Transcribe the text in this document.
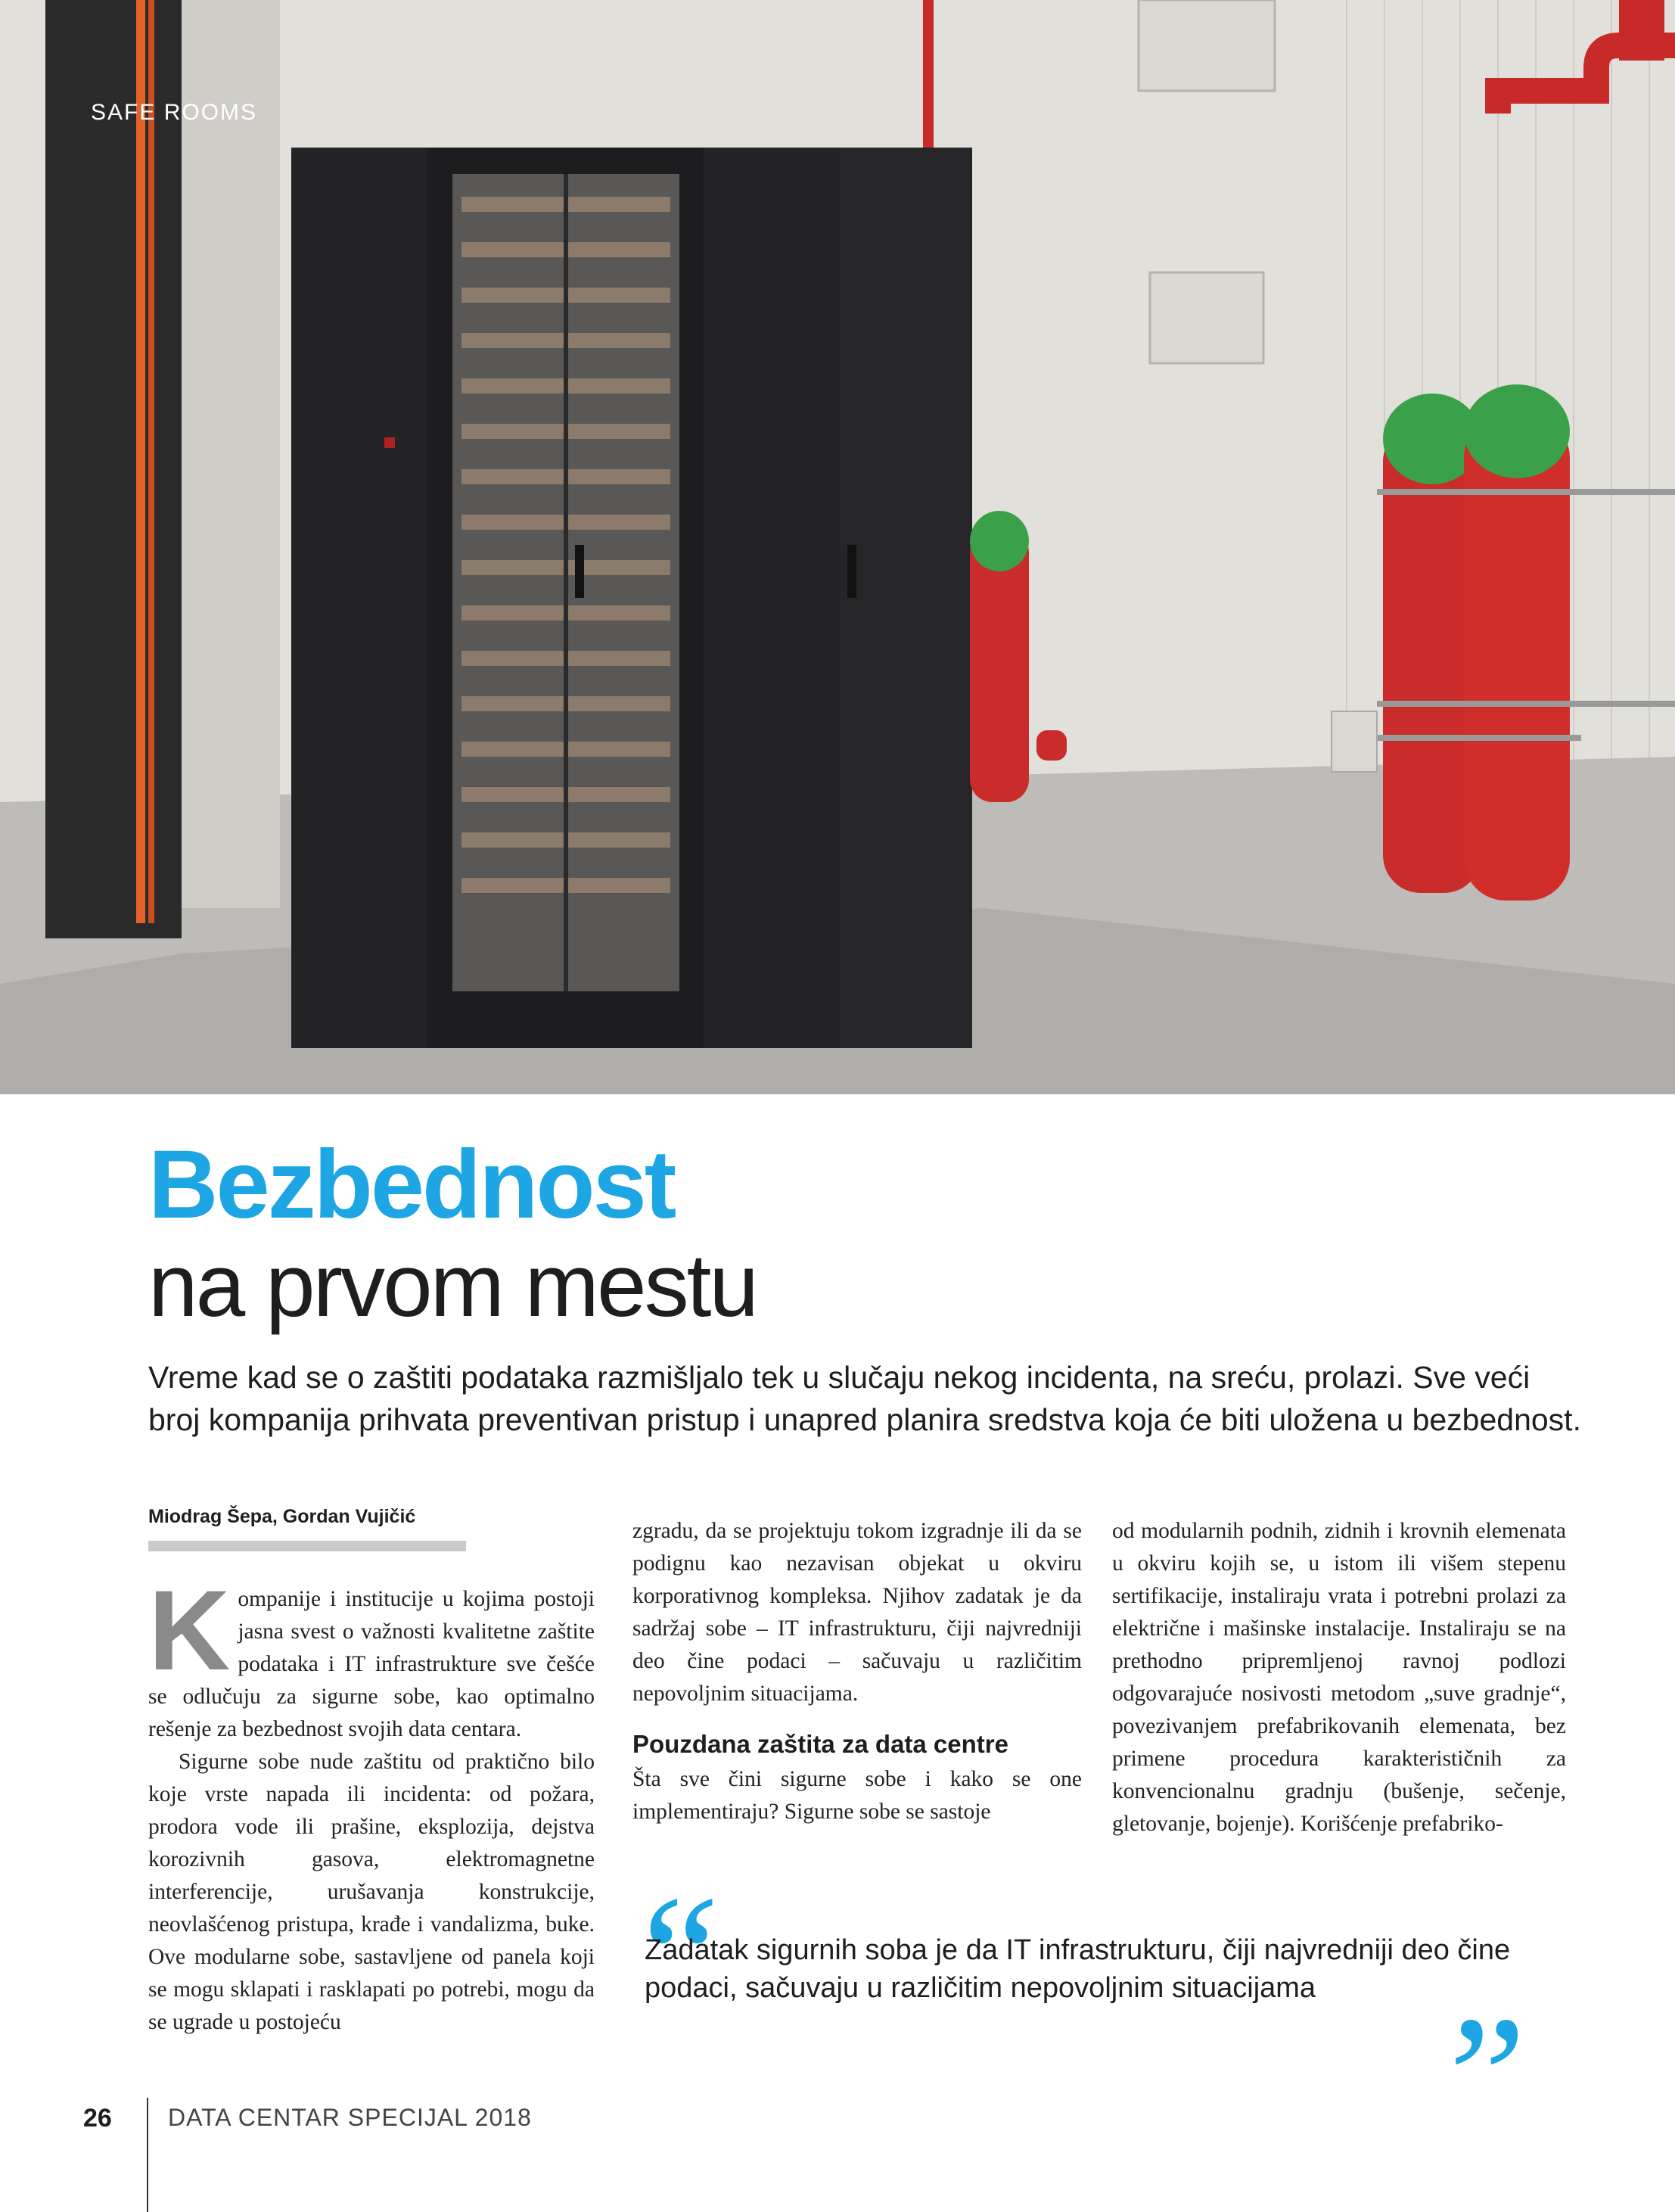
SAFE ROOMS
Bezbednost
na prvom mestu
Vreme kad se o zaštiti podataka razmišljalo tek u slučaju nekog incidenta, na sreću, prolazi. Sve veći broj kompanija prihvata preventivan pristup i unapred planira sredstva koja će biti uložena u bezbednost.
Miodrag Šepa, Gordan Vujičić

Kompanije i institucije u kojima postoji jasna svest o važnosti kvalitetne zaštite podataka i IT infrastrukture sve češće se odlučuju za sigurne sobe, kao optimalno rešenje za bezbednost svojih data centara.

Sigurne sobe nude zaštitu od praktično bilo koje vrste napada ili incidenta: od požara, prodora vode ili prašine, eksplozija, dejstva korozivnih gasova, elektromagnetne interferencije, urušavanja konstrukcije, neovlašćenog pristupa, krađe i vandalizma, buke. Ove modularne sobe, sastavljene od panela koji se mogu sklapati i rasklapati po potrebi, mogu da se ugrade u postojeću

zgradu, da se projektuju tokom izgradnje ili da se podignu kao nezavisan objekat u okviru korporativnog kompleksa. Njihov zadatak je da sadržaj sobe – IT infrastrukturu, čiji najvredniji deo čine podaci – sačuvaju u različitim nepovoljnim situacijama.

Pouzdana zaštita za data centre

Šta sve čini sigurne sobe i kako se one implementiraju? Sigurne sobe se sastoje

od modularnih podnih, zidnih i krovnih elemenata u okviru kojih se, u istom ili višem stepenu sertifikacije, instaliraju vrata i potrebni prolazi za električne i mašinske instalacije. Instaliraju se na prethodno pripremljenoj ravnoj podlozi odgovarajuće nosivosti metodom „suve gradnje“, povezivanjem prefabrikovanih elemenata, bez primene procedura karakterističnih za konvencionalnu gradnju (bušenje, sečenje, gletovanje, bojenje). Korišćenje prefabriko-

“
Zadatak sigurnih soba je da IT infrastrukturu, čiji najvredniji deo čine podaci, sačuvaju u različitim nepovoljnim situacijama ”
26 DATA CENTAR SPECIJAL 2018
